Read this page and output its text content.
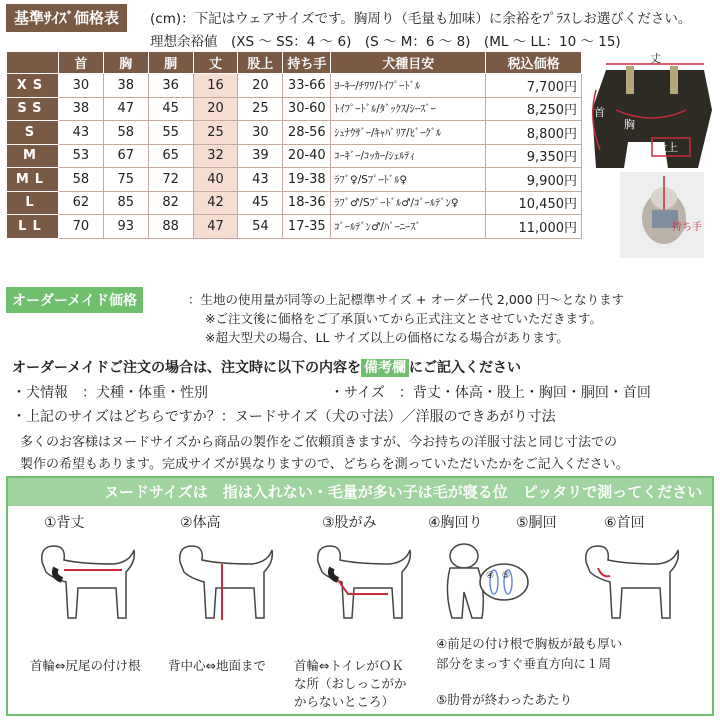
基準ｻｲｽﾞ価格表	(cm)：下記はウェアサイズです。胸周り（毛量も加味）に余裕をﾌﾟﾗｽしお選びください。
理想余裕値　(XS ～ SS：4 ～ 6)　(S ～ M：6 ～ 8)　(ML ～ LL：10 ～ 15)
	首	胸	胴	丈	股上	持ち手	犬種目安	税込価格
XS	30	38	36	16	20	33-66	ﾖｰｷｰ/ﾁﾜﾜ/ﾄｲﾌﾟｰﾄﾞﾙ	7,700円
SS	38	47	45	20	25	30-60	ﾄｲﾌﾟｰﾄﾞﾙ/ﾀﾞｯｸｽ/ｼｰｽﾞｰ	8,250円
S	43	58	55	25	30	28-56	ｼｭﾅｳｻﾞｰ/ｷｬﾊﾞﾘｱ/ﾋﾞｰｸﾞﾙ	8,800円
M	53	67	65	32	39	20-40	ｺｰｷﾞｰ/ｺｯｶｰ/ｼｪﾙﾃｨ	9,350円
ML	58	75	72	40	43	19-38	ﾗﾌﾞ♀/Sﾌﾟｰﾄﾞﾙ♀	9,900円
L	62	85	82	42	45	18-36	ﾗﾌﾞ♂/Sﾌﾟｰﾄﾞﾙ♂/ｺﾞｰﾙﾃﾞﾝ♀	10,450円
LL	70	93	88	47	54	17-35	ｺﾞｰﾙﾃﾞﾝ♂/ﾊﾞｰﾆｰｽﾞ	11,000円
丈
首
胸
股上
持ち手
オーダーメイド価格	：生地の使用量が同等の上記標準サイズ + オーダー代 2,000 円～となります
※ご注文後に価格をご了承頂いてから正式注文とさせていただきます。
※超大型犬の場合、LL サイズ以上の価格になる場合があります。
オーダーメイドご注文の場合は、注文時に以下の内容を 備考欄 にご記入ください
・犬情報　：犬種・体重・性別	・サイズ　：背丈・体高・股上・胸回・胴回・首回
・上記のサイズはどちらですか？：ヌードサイズ（犬の寸法）／洋服のできあがり寸法
多くのお客様はヌードサイズから商品の製作をご依頼頂きますが、今お持ちの洋服寸法と同じ寸法での
製作の希望もあります。完成サイズが異なりますので、どちらを測っていただいたかをご記入ください。
ヌードサイズは　指は入れない・毛量が多い子は毛が寝る位　ピッタリで測ってください
①背丈	②体高	③股がみ	④胸回り ⑤胴回	⑥首回
④ ⑤
首輪⇔尻尾の付け根 背中心⇔地面まで 首輪⇔トイレがＯＫ
な所（おしっこがか
からないところ）
④前足の付け根で胸板が最も厚い
部分をまっすぐ垂直方向に１周
⑤肋骨が終わったあたり
